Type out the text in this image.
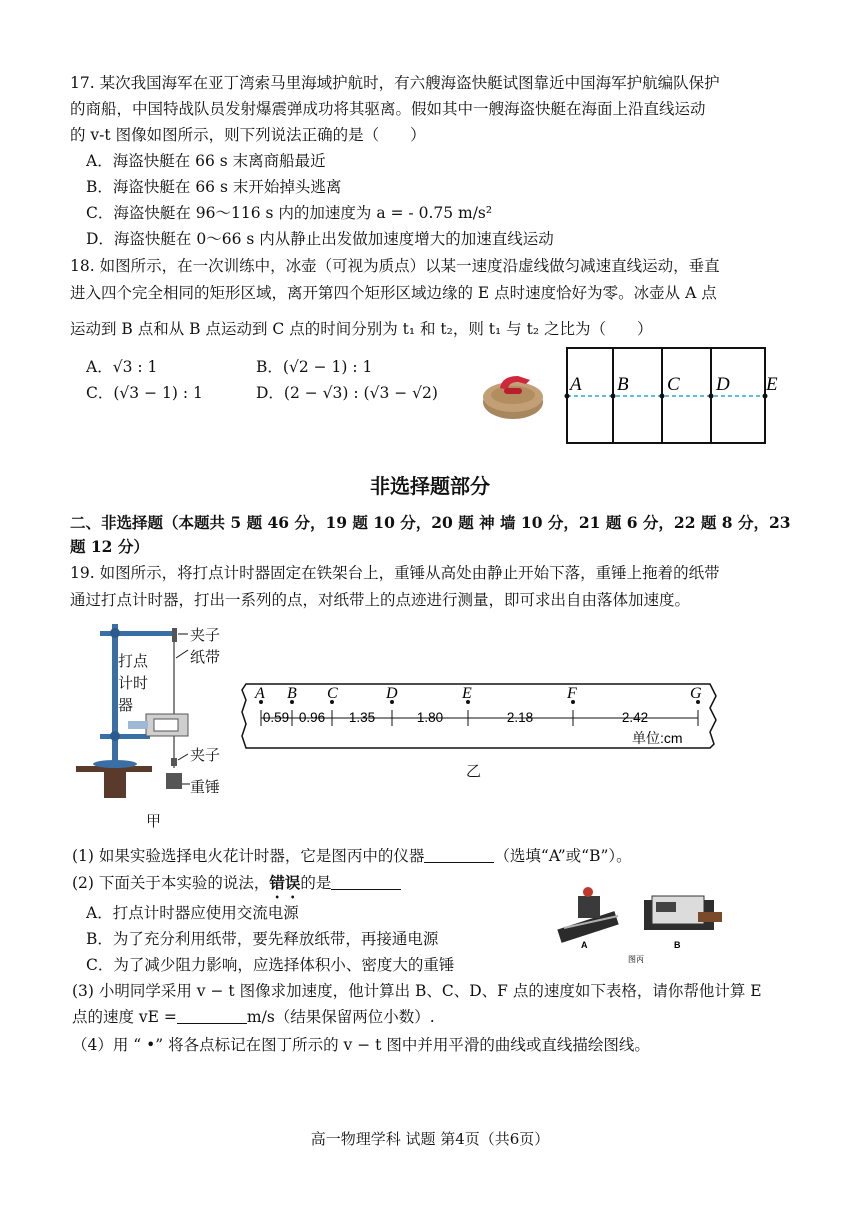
17. 某次我国海军在亚丁湾索马里海域护航时，有六艘海盗快艇试图靠近中国海军护航编队保护
的商船，中国特战队员发射爆震弹成功将其驱离。假如其中一艘海盗快艇在海面上沿直线运动
的 v-t 图像如图所示，则下列说法正确的是（　　）
A．海盗快艇在 66 s 末离商船最近
B．海盗快艇在 66 s 末开始掉头逃离
C．海盗快艇在 96～116 s 内的加速度为 a = - 0.75 m/s²
D．海盗快艇在 0～66 s 内从静止出发做加速度增大的加速直线运动
18. 如图所示，在一次训练中，冰壶（可视为质点）以某一速度沿虚线做匀减速直线运动，垂直
进入四个完全相同的矩形区域，离开第四个矩形区域边缘的 E 点时速度恰好为零。冰壶从 A 点
运动到 B 点和从 B 点运动到 C 点的时间分别为 t₁ 和 t₂，则 t₁ 与 t₂ 之比为（　　）
A．√3 : 1	B．(√2 − 1) : 1
C．(√3 − 1) : 1	D．(2 − √3) : (√3 − √2)	A B C D E
非选择题部分
二、非选择题（本题共 5 题 46 分，19 题 10 分，20 题 神 墙 10 分，21 题 6 分，22 题 8 分，23
题 12 分）
19. 如图所示，将打点计时器固定在铁架台上，重锤从高处由静止开始下落，重锤上拖着的纸带
通过打点计时器，打出一系列的点，对纸带上的点迹进行测量，即可求出自由落体加速度。
夹子
纸带
打点
计时
器
夹子
重锤
甲
A B C	D	E	F	G
0.59 0.96 1.35	1.80	2.18	2.42
单位:cm
乙
(1) 如果实验选择电火花计时器，它是图丙中的仪器	（选填“A”或“B”）。
(2) 下面关于本实验的说法，错误的是
A．打点计时器应使用交流电源
B．为了充分利用纸带，要先释放纸带，再接通电源
C．为了减少阻力影响，应选择体积小、密度大的重锤
A	B
图丙
(3) 小明同学采用 v − t 图像求加速度，他计算出 B、C、D、F 点的速度如下表格，请你帮他计算 E
点的速度 vE =	m/s（结果保留两位小数）.
（4）用 “ •” 将各点标记在图丁所示的 v − t 图中并用平滑的曲线或直线描绘图线。
高一物理学科 试题 第4页（共6页）
